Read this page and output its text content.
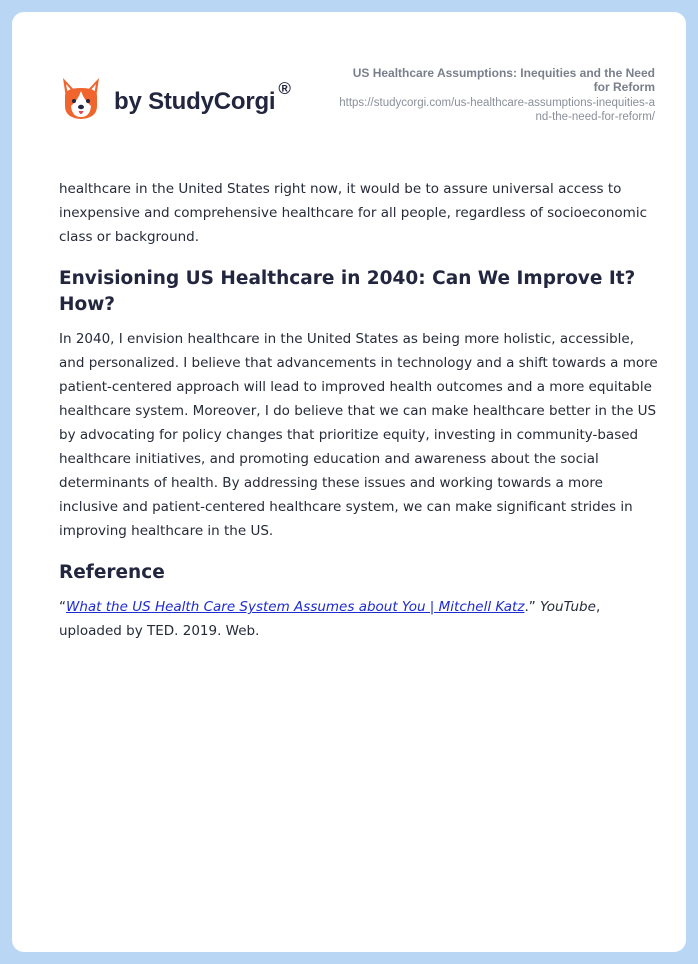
by StudyCorgi ®
US Healthcare Assumptions: Inequities and the Need for Reform
https://studycorgi.com/us-healthcare-assumptions-inequities-and-the-need-for-reform/

healthcare in the United States right now, it would be to assure universal access to inexpensive and comprehensive healthcare for all people, regardless of socioeconomic class or background.

Envisioning US Healthcare in 2040: Can We Improve It? How?

In 2040, I envision healthcare in the United States as being more holistic, accessible, and personalized. I believe that advancements in technology and a shift towards a more patient-centered approach will lead to improved health outcomes and a more equitable healthcare system. Moreover, I do believe that we can make healthcare better in the US by advocating for policy changes that prioritize equity, investing in community-based healthcare initiatives, and promoting education and awareness about the social determinants of health. By addressing these issues and working towards a more inclusive and patient-centered healthcare system, we can make significant strides in improving healthcare in the US.

Reference

“What the US Health Care System Assumes about You | Mitchell Katz.” YouTube, uploaded by TED. 2019. Web.
